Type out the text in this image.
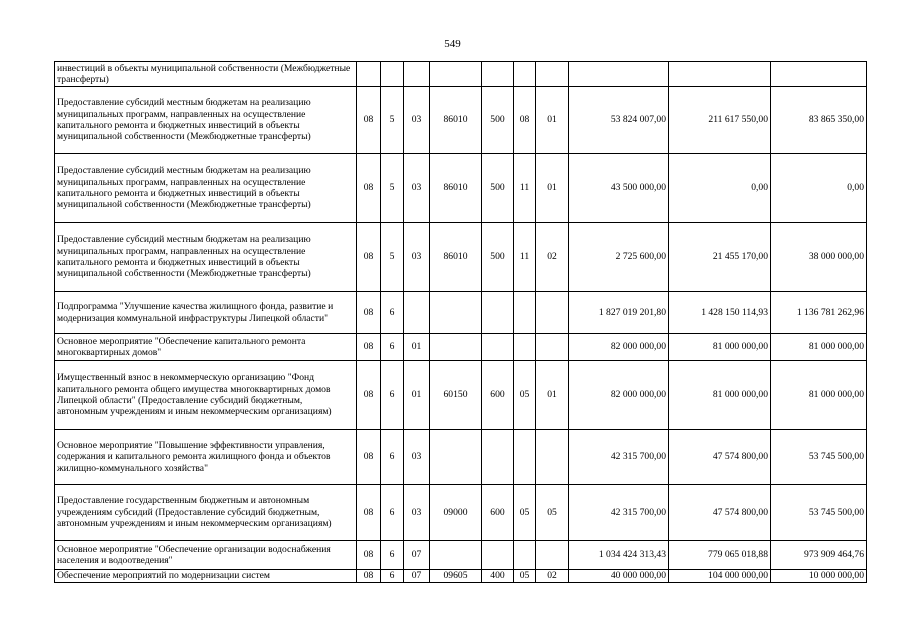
549
инвестиций в объекты муниципальной собственности (Межбюджетные трансферты)										
Предоставление субсидий местным бюджетам на реализацию муниципальных программ, направленных на осуществление капитального ремонта и бюджетных инвестиций в объекты муниципальной собственности (Межбюджетные трансферты)	08	5	03	86010	500	08	01	53 824 007,00	211 617 550,00	83 865 350,00
Предоставление субсидий местным бюджетам на реализацию муниципальных программ, направленных на осуществление капитального ремонта и бюджетных инвестиций в объекты муниципальной собственности (Межбюджетные трансферты)	08	5	03	86010	500	11	01	43 500 000,00	0,00	0,00
Предоставление субсидий местным бюджетам на реализацию муниципальных программ, направленных на осуществление капитального ремонта и бюджетных инвестиций в объекты муниципальной собственности (Межбюджетные трансферты)	08	5	03	86010	500	11	02	2 725 600,00	21 455 170,00	38 000 000,00
Подпрограмма "Улучшение качества жилищного фонда, развитие и модернизация коммунальной инфраструктуры Липецкой области"	08	6						1 827 019 201,80	1 428 150 114,93	1 136 781 262,96
Основное мероприятие "Обеспечение капитального ремонта многоквартирных домов"	08	6	01					82 000 000,00	81 000 000,00	81 000 000,00
Имущественный взнос в некоммерческую организацию "Фонд капитального ремонта общего имущества многоквартирных домов Липецкой области" (Предоставление субсидий бюджетным, автономным учреждениям и иным некоммерческим организациям)	08	6	01	60150	600	05	01	82 000 000,00	81 000 000,00	81 000 000,00
Основное мероприятие "Повышение эффективности управления, содержания и капитального ремонта жилищного фонда и объектов жилищно-коммунального хозяйства"	08	6	03					42 315 700,00	47 574 800,00	53 745 500,00
Предоставление государственным бюджетным и автономным учреждениям субсидий (Предоставление субсидий бюджетным, автономным учреждениям и иным некоммерческим организациям)	08	6	03	09000	600	05	05	42 315 700,00	47 574 800,00	53 745 500,00
Основное мероприятие "Обеспечение организации водоснабжения населения и водоотведения"	08	6	07					1 034 424 313,43	779 065 018,88	973 909 464,76
Обеспечение мероприятий по модернизации систем	08	6	07	09605	400	05	02	40 000 000,00	104 000 000,00	10 000 000,00
